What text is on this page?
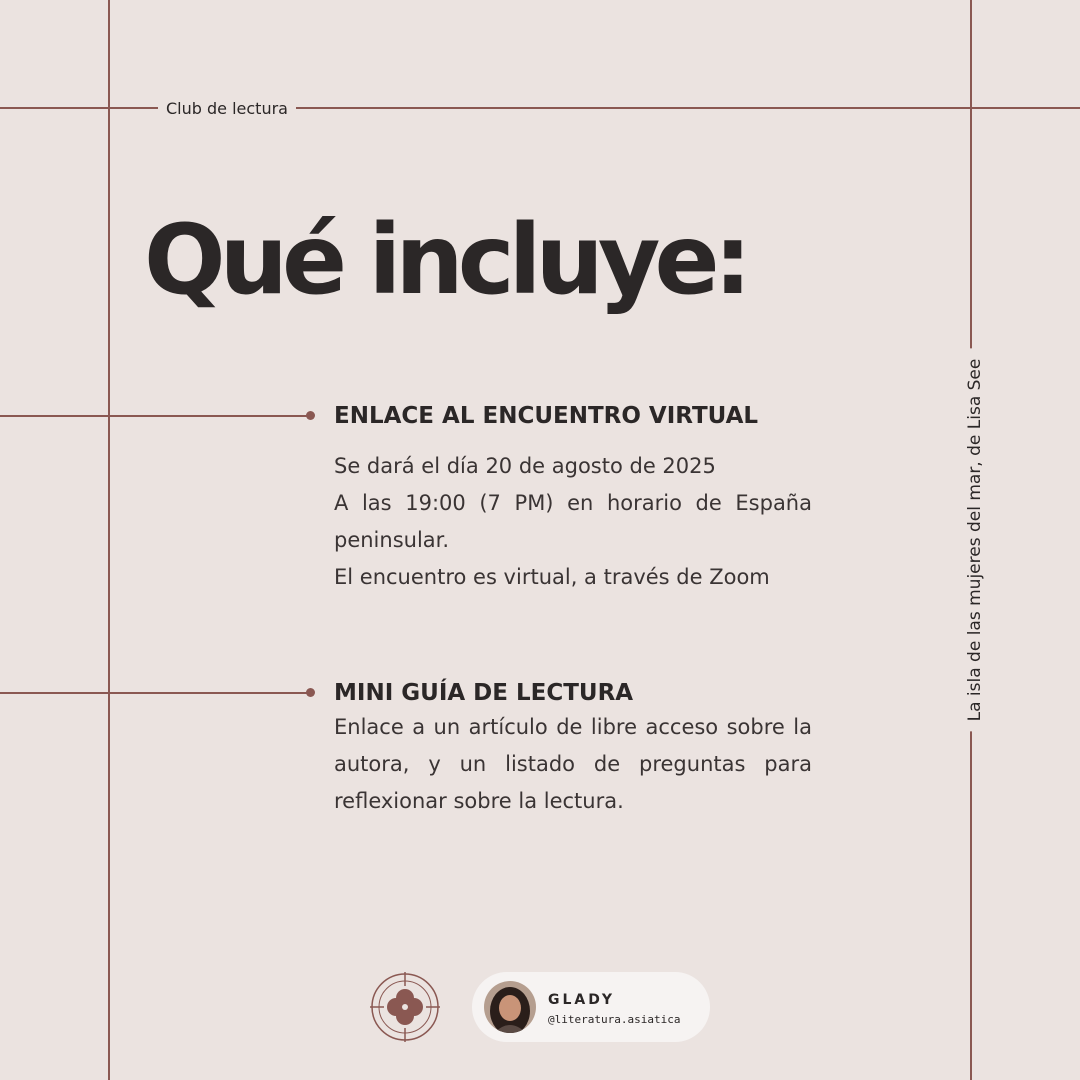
Club de lectura
Qué incluye:
ENLACE AL ENCUENTRO VIRTUAL

Se dará el día 20 de agosto de 2025

A las 19:00 (7 PM) en horario de España peninsular.

El encuentro es virtual, a través de Zoom

MINI GUÍA DE LECTURA

Enlace a un artículo de libre acceso sobre la autora, y un listado de preguntas para reflexionar sobre la lectura.

La isla de las mujeres del mar, de Lisa See
GLADY
@literatura.asiatica
